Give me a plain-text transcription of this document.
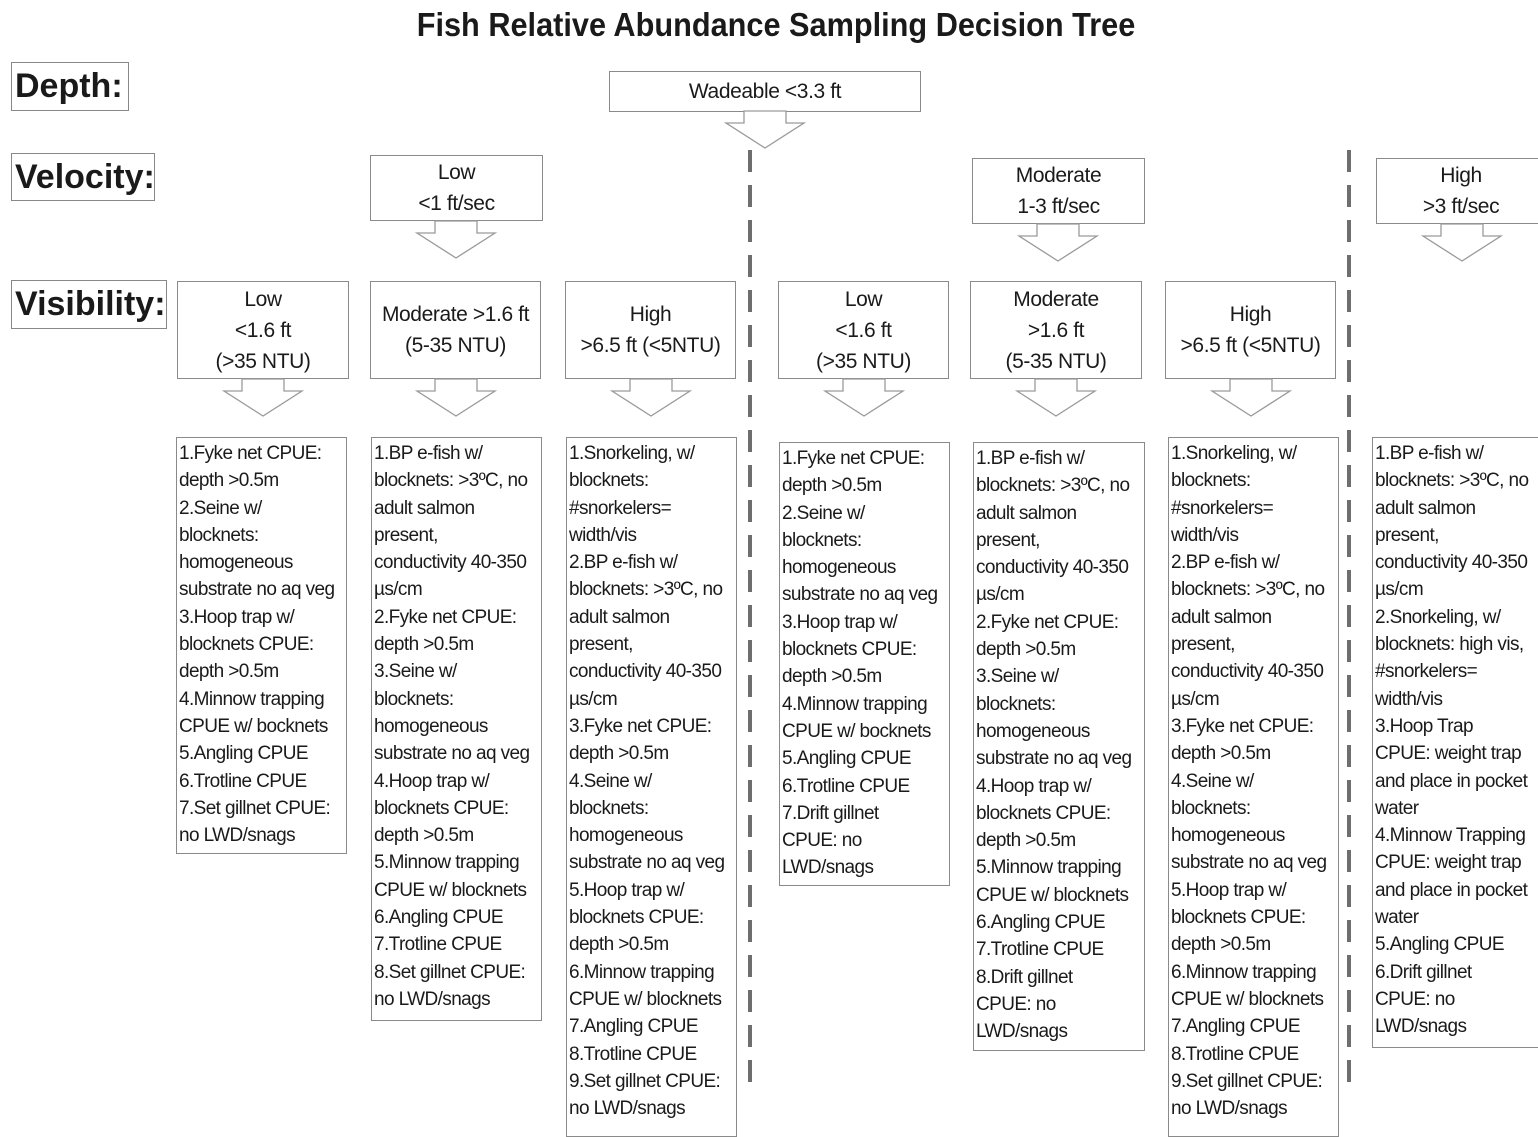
Fish Relative Abundance Sampling Decision Tree
Depth:
Velocity:
Visibility:
Wadeable <3.3 ft
Low
<1 ft/sec
Moderate
1-3 ft/sec
High
>3 ft/sec
Low
<1.6 ft
(>35 NTU)
Moderate >1.6 ft
(5-35 NTU)
High
>6.5 ft (<5NTU)
Low
<1.6 ft
(>35 NTU)
Moderate
>1.6 ft
(5-35 NTU)
High
>6.5 ft (<5NTU)
1.Fyke net CPUE:
depth >0.5m
2.Seine w/
blocknets:
homogeneous
substrate no aq veg
3.Hoop trap w/
blocknets CPUE:
depth >0.5m
4.Minnow trapping
CPUE w/ bocknets
5.Angling CPUE
6.Trotline CPUE
7.Set gillnet CPUE:
no LWD/snags
1.BP e-fish w/
blocknets: >3ºC, no
adult salmon
present,
conductivity 40-350
µs/cm
2.Fyke net CPUE:
depth >0.5m
3.Seine w/
blocknets:
homogeneous
substrate no aq veg
4.Hoop trap w/
blocknets CPUE:
depth >0.5m
5.Minnow trapping
CPUE w/ blocknets
6.Angling CPUE
7.Trotline CPUE
8.Set gillnet CPUE:
no LWD/snags
1.Snorkeling, w/
blocknets:
#snorkelers=
width/vis
2.BP e-fish w/
blocknets: >3ºC, no
adult salmon
present,
conductivity 40-350
µs/cm
3.Fyke net CPUE:
depth >0.5m
4.Seine w/
blocknets:
homogeneous
substrate no aq veg
5.Hoop trap w/
blocknets CPUE:
depth >0.5m
6.Minnow trapping
CPUE w/ blocknets
7.Angling CPUE
8.Trotline CPUE
9.Set gillnet CPUE:
no LWD/snags
1.Fyke net CPUE:
depth >0.5m
2.Seine w/
blocknets:
homogeneous
substrate no aq veg
3.Hoop trap w/
blocknets CPUE:
depth >0.5m
4.Minnow trapping
CPUE w/ bocknets
5.Angling CPUE
6.Trotline CPUE
7.Drift gillnet
CPUE: no
LWD/snags
1.BP e-fish w/
blocknets: >3ºC, no
adult salmon
present,
conductivity 40-350
µs/cm
2.Fyke net CPUE:
depth >0.5m
3.Seine w/
blocknets:
homogeneous
substrate no aq veg
4.Hoop trap w/
blocknets CPUE:
depth >0.5m
5.Minnow trapping
CPUE w/ blocknets
6.Angling CPUE
7.Trotline CPUE
8.Drift gillnet
CPUE: no
LWD/snags
1.Snorkeling, w/
blocknets:
#snorkelers=
width/vis
2.BP e-fish w/
blocknets: >3ºC, no
adult salmon
present,
conductivity 40-350
µs/cm
3.Fyke net CPUE:
depth >0.5m
4.Seine w/
blocknets:
homogeneous
substrate no aq veg
5.Hoop trap w/
blocknets CPUE:
depth >0.5m
6.Minnow trapping
CPUE w/ blocknets
7.Angling CPUE
8.Trotline CPUE
9.Set gillnet CPUE:
no LWD/snags
1.BP e-fish w/
blocknets: >3ºC, no
adult salmon
present,
conductivity 40-350
µs/cm
2.Snorkeling, w/
blocknets: high vis,
#snorkelers=
width/vis
3.Hoop Trap
CPUE: weight trap
and place in pocket
water
4.Minnow Trapping
CPUE: weight trap
and place in pocket
water
5.Angling CPUE
6.Drift gillnet
CPUE: no
LWD/snags
